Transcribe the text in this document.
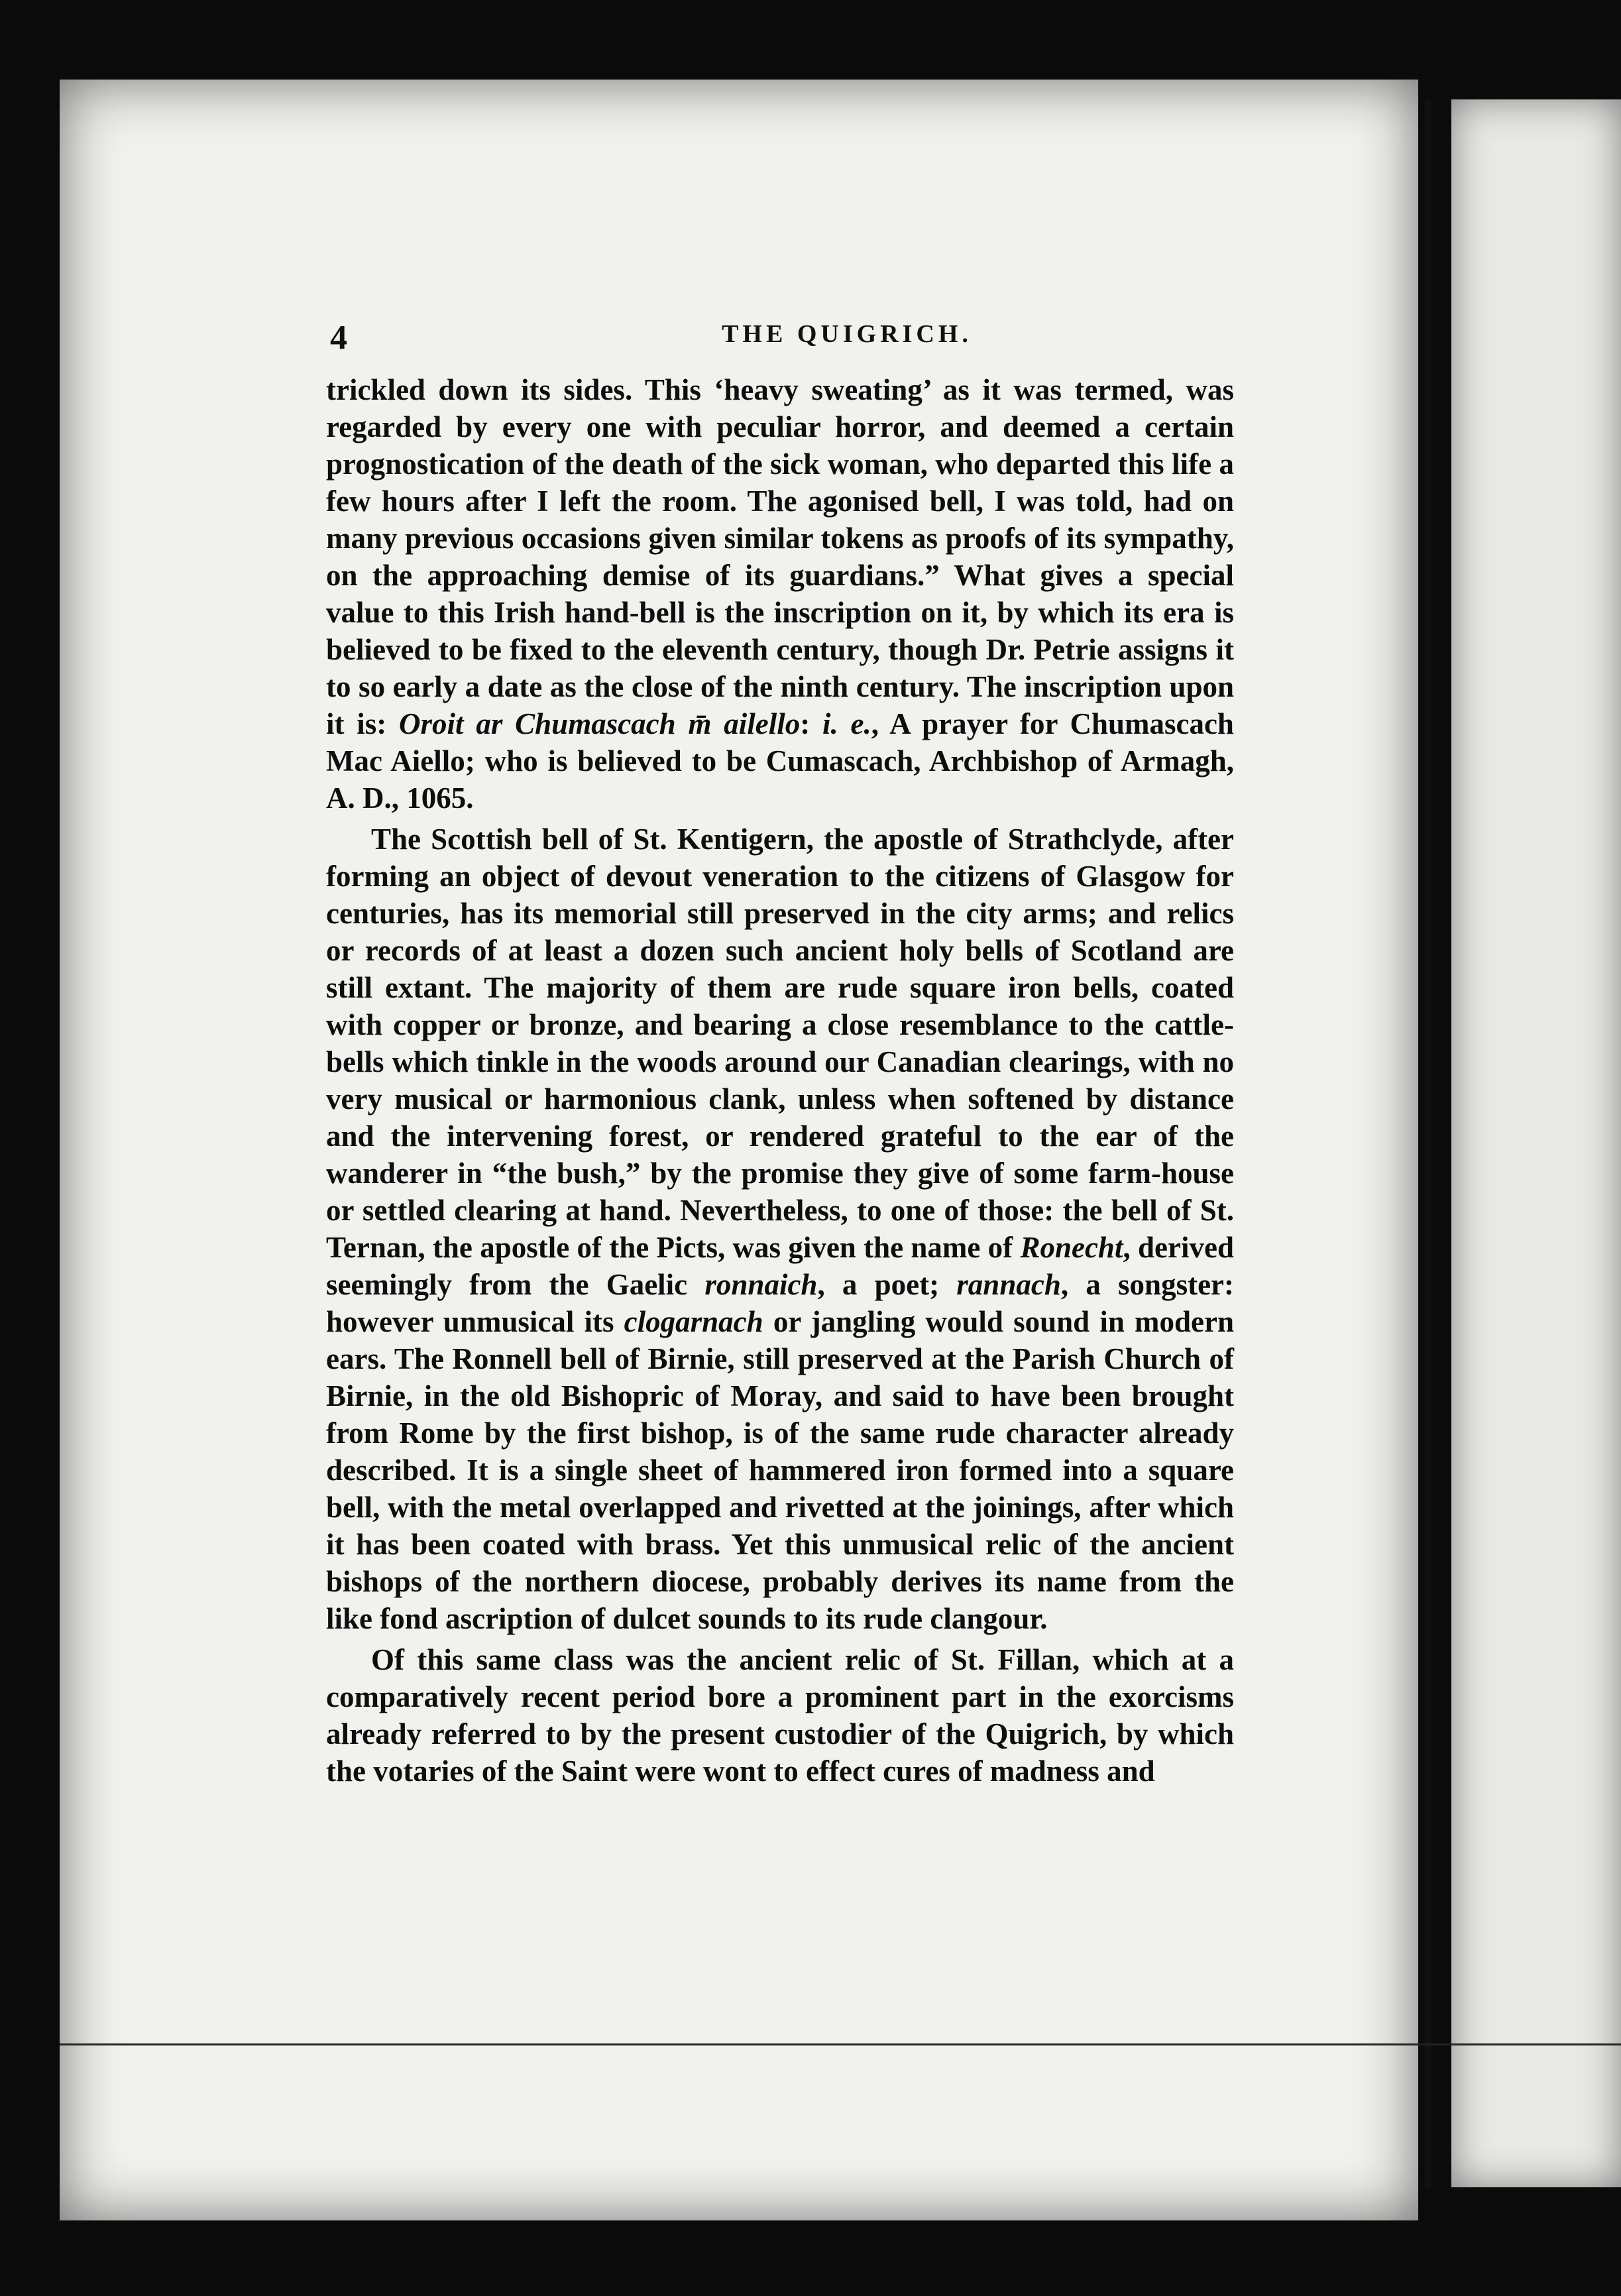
4	THE QUIGRICH.

trickled down its sides. This ‘heavy sweating’ as it was termed, was regarded by every one with peculiar horror, and deemed a certain prognostication of the death of the sick woman, who departed this life a few hours after I left the room. The agonised bell, I was told, had on many previous occasions given similar tokens as proofs of its sympathy, on the approaching demise of its guardians.” What gives a special value to this Irish hand-bell is the inscription on it, by which its era is believed to be fixed to the eleventh century, though Dr. Petrie assigns it to so early a date as the close of the ninth century. The inscription upon it is: Oroit ar Chumascach m̄ ailello: i. e., A prayer for Chumascach Mac Aiello; who is believed to be Cumascach, Archbishop of Armagh, A. D., 1065.

The Scottish bell of St. Kentigern, the apostle of Strathclyde, after forming an object of devout veneration to the citizens of Glasgow for centuries, has its memorial still preserved in the city arms; and relics or records of at least a dozen such ancient holy bells of Scotland are still extant. The majority of them are rude square iron bells, coated with copper or bronze, and bearing a close resemblance to the cattle-bells which tinkle in the woods around our Canadian clearings, with no very musical or harmonious clank, unless when softened by distance and the intervening forest, or rendered grateful to the ear of the wanderer in “the bush,” by the promise they give of some farm-house or settled clearing at hand. Nevertheless, to one of those: the bell of St. Ternan, the apostle of the Picts, was given the name of Ronecht, derived seemingly from the Gaelic ronnaich, a poet; rannach, a songster: however unmusical its clogarnach or jangling would sound in modern ears. The Ronnell bell of Birnie, still preserved at the Parish Church of Birnie, in the old Bishopric of Moray, and said to have been brought from Rome by the first bishop, is of the same rude character already described. It is a single sheet of hammered iron formed into a square bell, with the metal overlapped and rivetted at the joinings, after which it has been coated with brass. Yet this unmusical relic of the ancient bishops of the northern diocese, probably derives its name from the like fond ascription of dulcet sounds to its rude clangour.

Of this same class was the ancient relic of St. Fillan, which at a comparatively recent period bore a prominent part in the exorcisms already referred to by the present custodier of the Quigrich, by which the votaries of the Saint were wont to effect cures of madness and
